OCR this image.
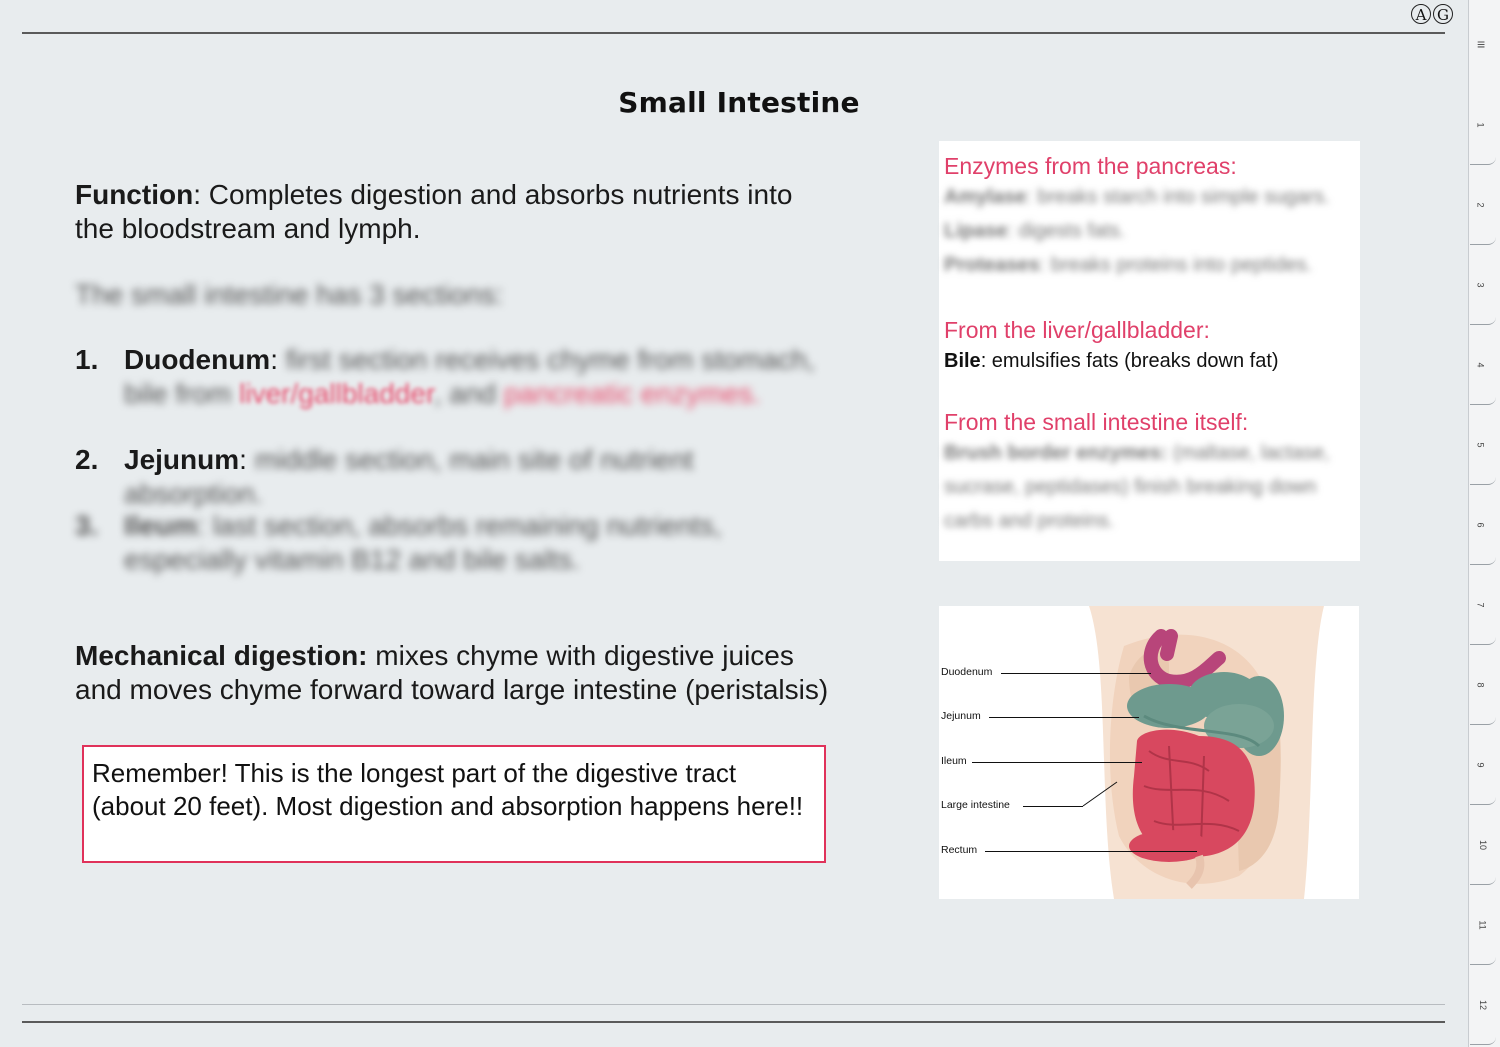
A G
≡
1
2
3
4
5
6
7
8
9
10
11
12
Small Intestine
Function: Completes digestion and absorbs nutrients into the bloodstream and lymph.
The small intestine has 3 sections:
1. Duodenum: first section receives chyme from stomach, bile from liver/gallbladder, and pancreatic enzymes.
2. Jejunum: middle section, main site of nutrient absorption.
3. Ileum: last section, absorbs remaining nutrients, especially vitamin B12 and bile salts.
Mechanical digestion: mixes chyme with digestive juices and moves chyme forward toward large intestine (peristalsis)
Remember! This is the longest part of the digestive tract (about 20 feet). Most digestion and absorption happens here!!
Enzymes from the pancreas:
Amylase: breaks starch into simple sugars.
Lipase: digests fats.
Proteases: breaks proteins into peptides.
From the liver/gallbladder:
Bile: emulsifies fats (breaks down fat)
From the small intestine itself:
Brush border enzymes: (maltase, lactase, sucrase, peptidases) finish breaking down carbs and proteins.
Duodenum
Jejunum
Ileum
Large intestine
Rectum
